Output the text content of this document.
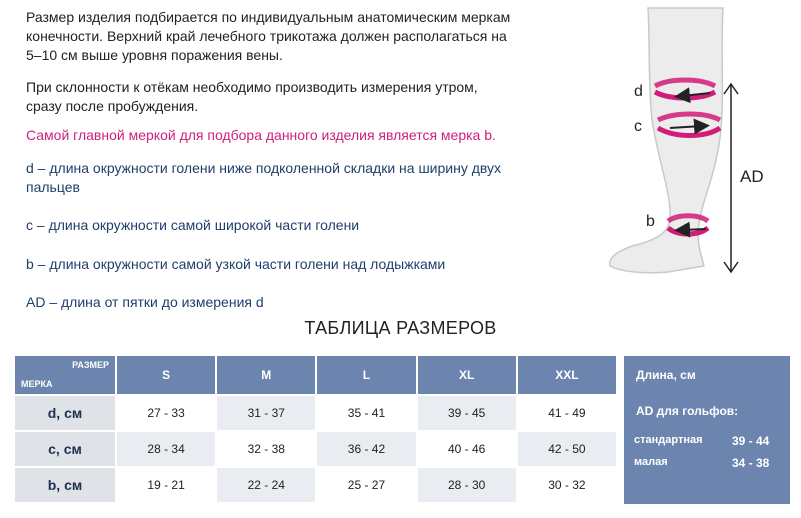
Размер изделия подбирается по индивидуальным анатомическим меркам

конечности. Верхний край лечебного трикотажа должен располагаться на

5–10 см выше уровня поражения вены.

При склонности к отёкам необходимо производить измерения утром,

сразу после пробуждения.

Самой главной меркой для подбора данного изделия является мерка b.

d – длина окружности голени ниже подколенной складки на ширину двух

пальцев

c – длина окружности самой широкой части голени

b – длина окружности самой узкой части голени над лодыжками

AD – длина от пятки до измерения d

d
c
b
AD
ТАБЛИЦА РАЗМЕРОВ
РАЗМЕР
МЕРКА	S	M	L	XL	XXL
d, см	27 - 33	31 - 37	35 - 41	39 - 45	41 - 49
c, см	28 - 34	32 - 38	36 - 42	40 - 46	42 - 50
b, см	19 - 21	22 - 24	25 - 27	28 - 30	30 - 32

Длина, см

AD для гольфов:

стандартная 39 - 44

малая	34 - 38
